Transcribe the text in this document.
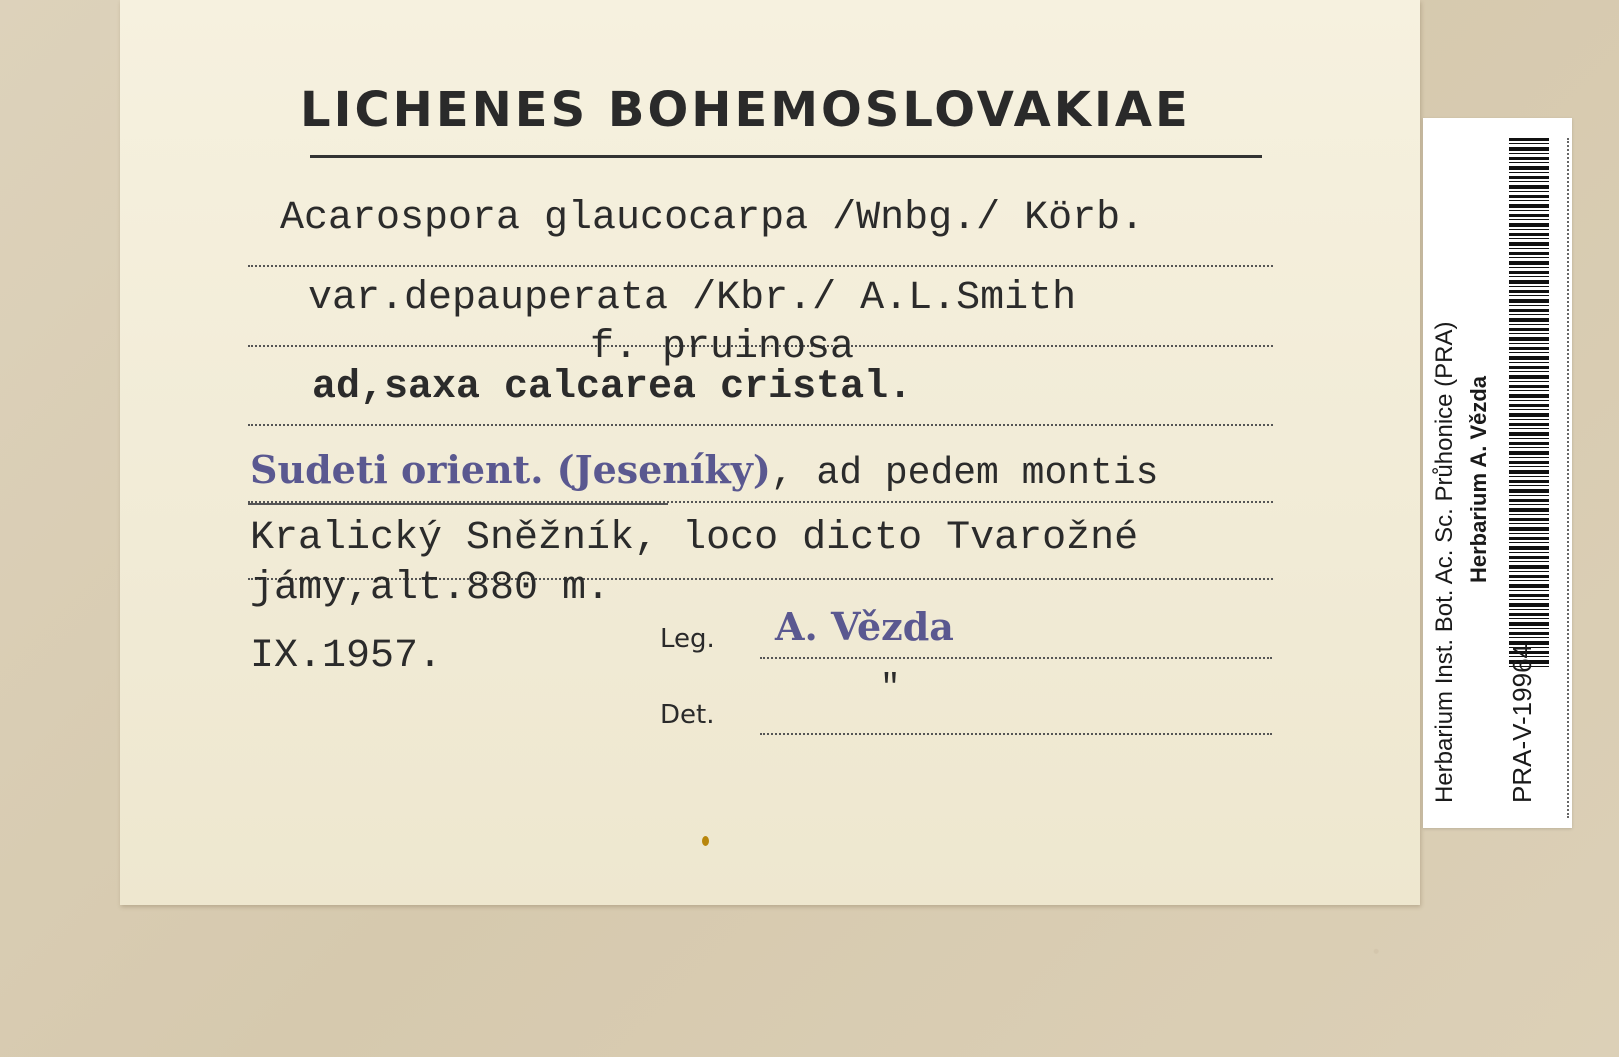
LICHENES BOHEMOSLOVAKIAE
Acarospora glaucocarpa /Wnbg./ Körb.
var.depauperata /Kbr./ A.L.Smith
f. pruinosa
ad,saxa calcarea cristal.
Sudeti orient. (Jeseníky), ad pedem montis
Kralický Sněžník, loco dicto Tvarožné
jámy,alt.880 m.
IX.1957.	Leg. A. Vězda
"
Det.	Herbarium Inst. Bot. Ac. Sc. Průhonice (PRA) Herbarium A. Vězda
PRA-V-19964
